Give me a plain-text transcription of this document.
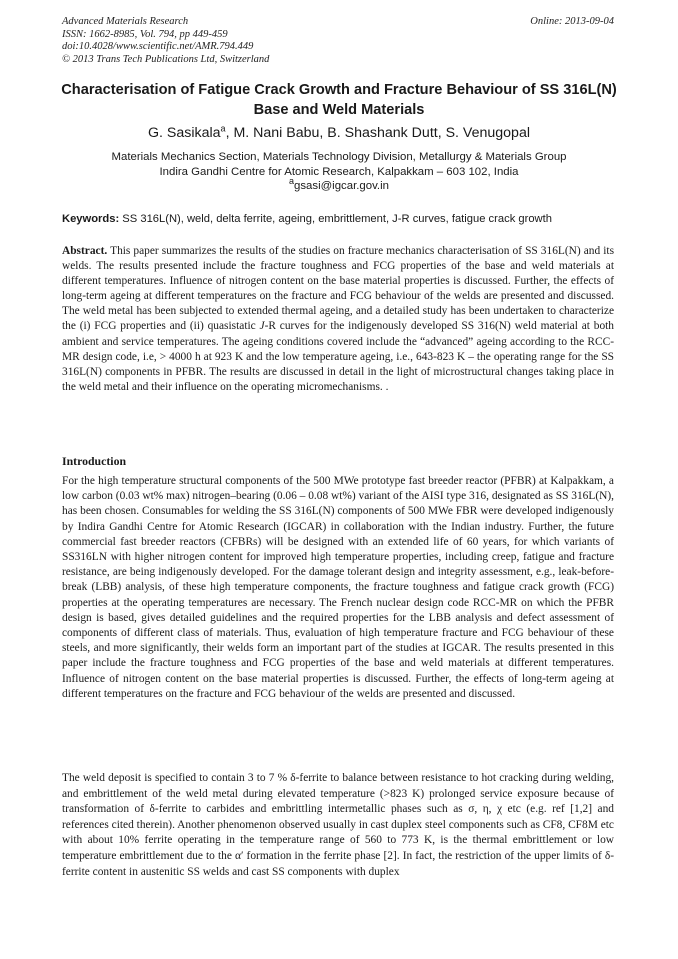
Advanced Materials Research
ISSN: 1662-8985, Vol. 794, pp 449-459
doi:10.4028/www.scientific.net/AMR.794.449
© 2013 Trans Tech Publications Ltd, Switzerland
Online: 2013-09-04
Characterisation of Fatigue Crack Growth and Fracture Behaviour of SS 316L(N) Base and Weld Materials
G. Sasikala$^a$, M. Nani Babu, B. Shashank Dutt, S. Venugopal
Materials Mechanics Section, Materials Technology Division, Metallurgy & Materials Group
Indira Gandhi Centre for Atomic Research, Kalpakkam – 603 102, India
$^a$gsasi@igcar.gov.in
Keywords: SS 316L(N), weld, delta ferrite, ageing, embrittlement, J-R curves, fatigue crack growth
Abstract. This paper summarizes the results of the studies on fracture mechanics characterisation of SS 316L(N) and its welds. The results presented include the fracture toughness and FCG properties of the base and weld materials at different temperatures. Influence of nitrogen content on the base material properties is discussed. Further, the effects of long-term ageing at different temperatures on the fracture and FCG behaviour of the welds are presented and discussed. The weld metal has been subjected to extended thermal ageing, and a detailed study has been undertaken to characterize the (i) FCG properties and (ii) quasistatic J-R curves for the indigenously developed SS 316(N) weld material at both ambient and service temperatures. The ageing conditions covered include the “advanced” ageing according to the RCC-MR design code, i.e, > 4000 h at 923 K and the low temperature ageing, i.e., 643-823 K – the operating range for the SS 316L(N) components in PFBR. The results are discussed in detail in the light of microstructural changes taking place in the weld metal and their influence on the operating micromechanisms. .
Introduction
For the high temperature structural components of the 500 MWe prototype fast breeder reactor (PFBR) at Kalpakkam, a low carbon (0.03 wt% max) nitrogen–bearing (0.06 – 0.08 wt%) variant of the AISI type 316, designated as SS 316L(N), has been chosen. Consumables for welding the SS 316L(N) components of 500 MWe FBR were developed indigenously by Indira Gandhi Centre for Atomic Research (IGCAR) in collaboration with the Indian industry. Further, the future commercial fast breeder reactors (CFBRs) will be designed with an extended life of 60 years, for which variants of SS316LN with higher nitrogen content for improved high temperature properties, including creep, fatigue and fracture resistance, are being indigenously developed. For the damage tolerant design and integrity assessment, e.g., leak-before-break (LBB) analysis, of these high temperature components, the fracture toughness and fatigue crack growth (FCG) properties at the operating temperatures are necessary. The French nuclear design code RCC-MR on which the PFBR design is based, gives detailed guidelines and the required properties for the LBB analysis and defect assessment of components of different class of materials. Thus, evaluation of high temperature fracture and FCG behaviour of these steels, and more significantly, their welds form an important part of the studies at IGCAR. The results presented in this paper include the fracture toughness and FCG properties of the base and weld materials at different temperatures. Influence of nitrogen content on the base material properties is discussed. Further, the effects of long-term ageing at different temperatures on the fracture and FCG behaviour of the welds are presented and discussed.
The weld deposit is specified to contain 3 to 7 % δ-ferrite to balance between resistance to hot cracking during welding, and embrittlement of the weld metal during elevated temperature (>823 K) prolonged service exposure because of transformation of δ-ferrite to carbides and embrittling intermetallic phases such as σ, η, χ etc (e.g. ref [1,2] and references cited therein). Another phenomenon observed usually in cast duplex steel components such as CF8, CF8M etc with about 10% ferrite operating in the temperature range of 560 to 773 K, is the thermal embrittlement or low temperature embrittlement due to the α′ formation in the ferrite phase [2]. In fact, the restriction of the upper limits of δ-ferrite content in austenitic SS welds and cast SS components with duplex
